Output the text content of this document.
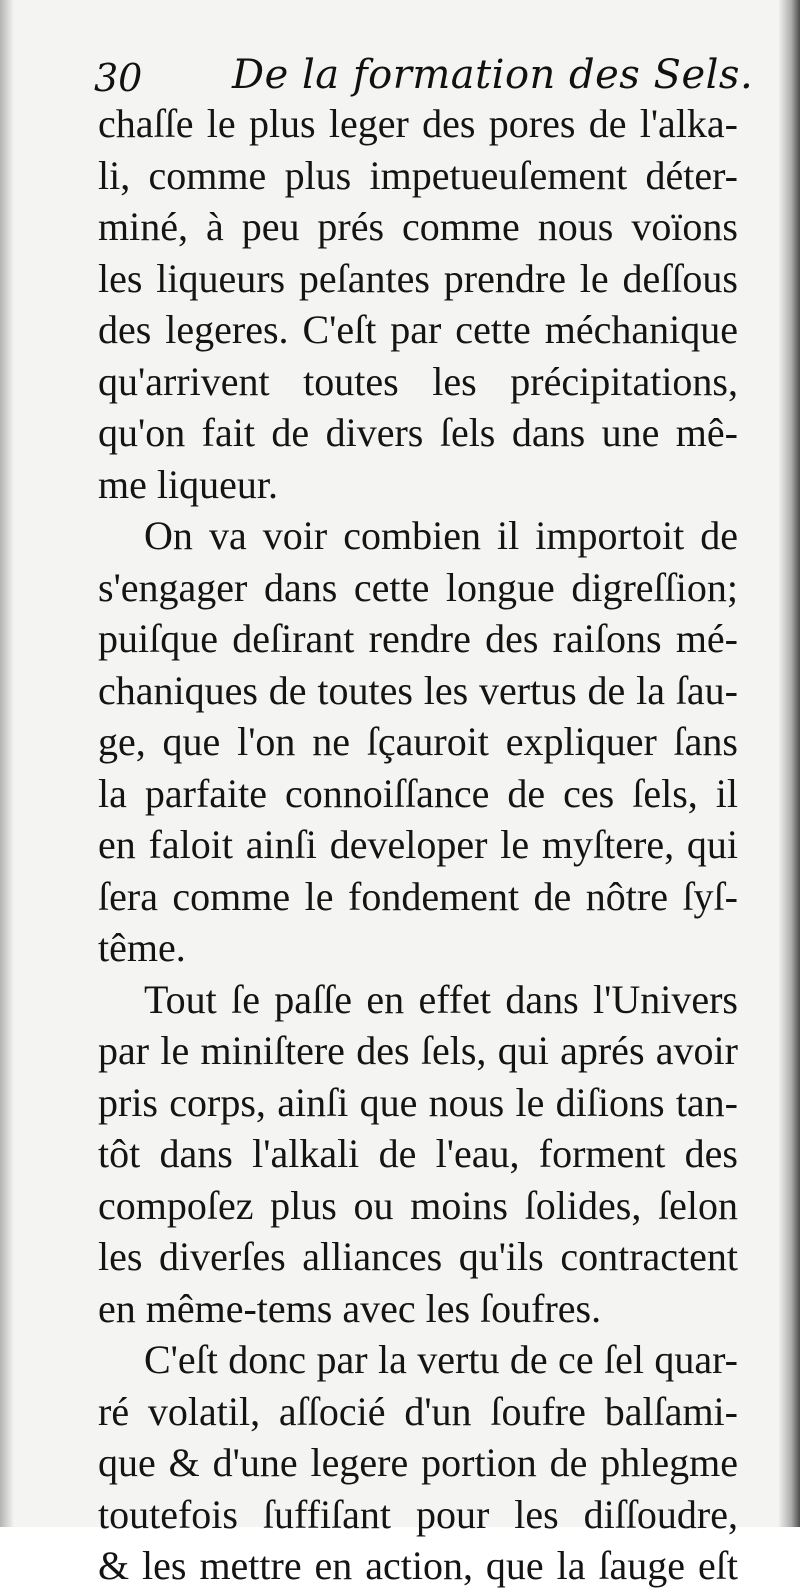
30 De la formation des Sels.
chaſſe le plus leger des pores de l'alka-
li, comme plus impetueuſement déter-
miné, à peu prés comme nous voïons
les liqueurs peſantes prendre le deſſous
des legeres. C'eſt par cette méchanique
qu'arrivent toutes les précipitations,
qu'on fait de divers ſels dans une mê-
me liqueur.
On va voir combien il importoit de
s'engager dans cette longue digreſſion;
puiſque deſirant rendre des raiſons mé-
chaniques de toutes les vertus de la ſau-
ge, que l'on ne ſçauroit expliquer ſans
la parfaite connoiſſance de ces ſels, il
en faloit ainſi developer le myſtere, qui
ſera comme le fondement de nôtre ſyſ-
tême.
Tout ſe paſſe en effet dans l'Univers
par le miniſtere des ſels, qui aprés avoir
pris corps, ainſi que nous le diſions tan-
tôt dans l'alkali de l'eau, forment des
compoſez plus ou moins ſolides, ſelon
les diverſes alliances qu'ils contractent
en même-tems avec les ſoufres.
C'eſt donc par la vertu de ce ſel quar-
ré volatil, aſſocié d'un ſoufre balſami-
que & d'une legere portion de phlegme
toutefois ſuffiſant pour les diſſoudre,
& les mettre en action, que la ſauge eſt
